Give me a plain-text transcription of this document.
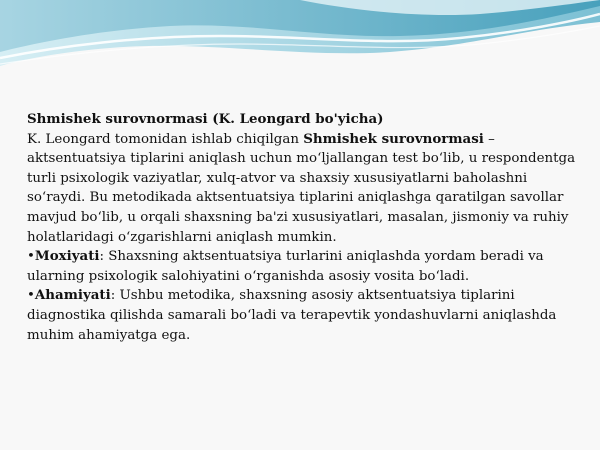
Shmishek surovnormasi (K. Leongard bo'yicha)
K. Leongard tomonidan ishlab chiqilgan Shmishek surovnormasi –
aktsentuatsiya tiplarini aniqlash uchun moʻljallangan test boʻlib, u respondentga
turli psixologik vaziyatlar, xulq-atvor va shaxsiy xususiyatlarni baholashni
soʻraydi. Bu metodikada aktsentuatsiya tiplarini aniqlashga qaratilgan savollar
mavjud boʻlib, u orqali shaxsning ba'zi xususiyatlari, masalan, jismoniy va ruhiy
holatlaridagi oʻzgarishlarni aniqlash mumkin.
•Moxiyati: Shaxsning aktsentuatsiya turlarini aniqlashda yordam beradi va
ularning psixologik salohiyatini oʻrganishda asosiy vosita boʻladi.
•Ahamiyati: Ushbu metodika, shaxsning asosiy aktsentuatsiya tiplarini
diagnostika qilishda samarali boʻladi va terapevtik yondashuvlarni aniqlashda
muhim ahamiyatga ega.
